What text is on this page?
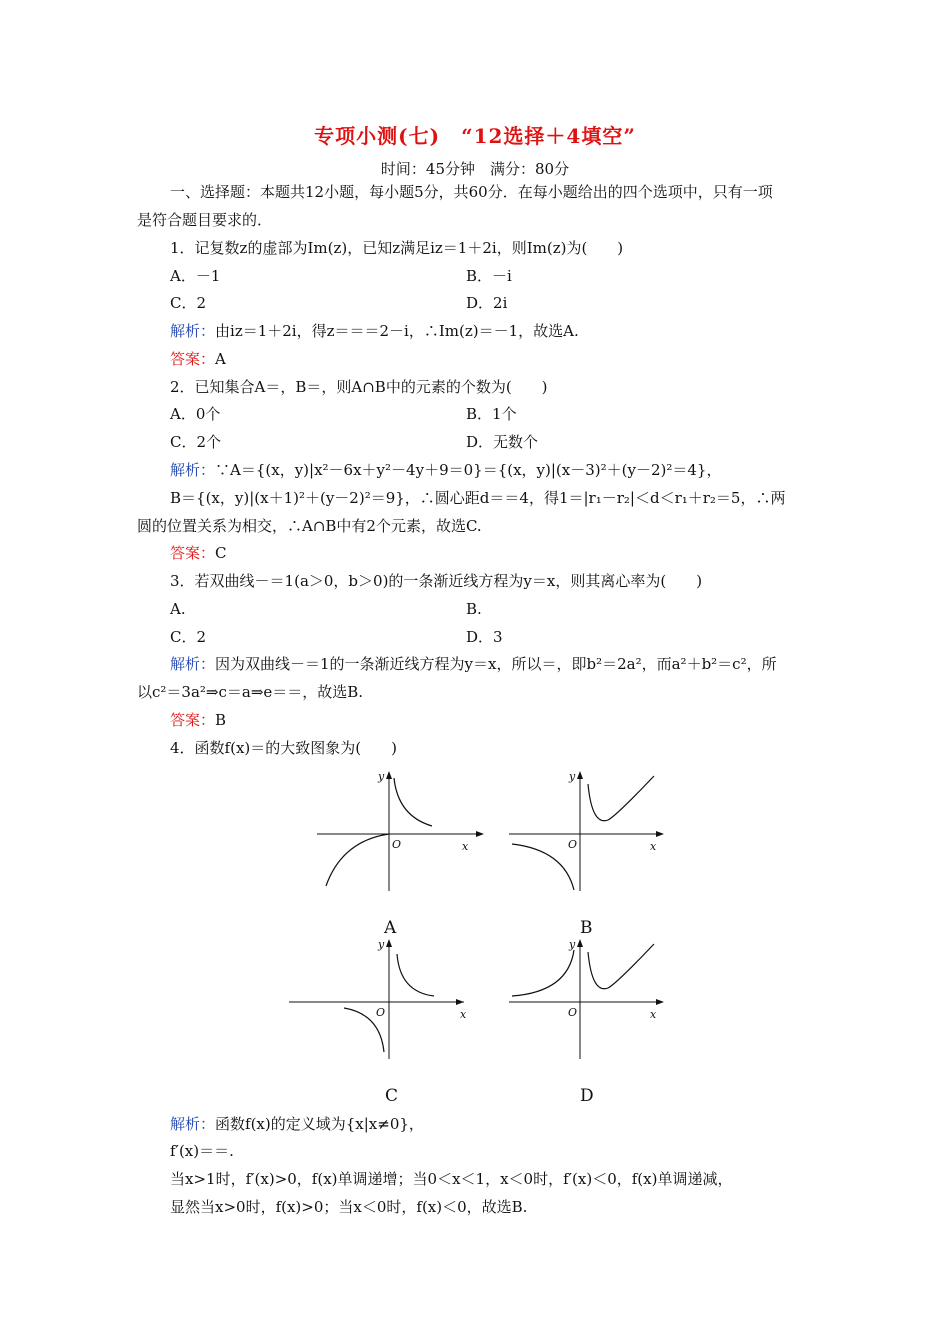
专项小测(七)　“12选择＋4填空”
时间：45分钟　满分：80分
一、选择题：本题共12小题，每小题5分，共60分．在每小题给出的四个选项中，只有一项
是符合题目要求的．
1．记复数z的虚部为Im(z)，已知z满足iz＝1＋2i，则Im(z)为(　　)
A．－1	B．－i
C．2	D．2i
解析：由iz＝1＋2i，得z＝＝＝2－i，∴Im(z)＝－1，故选A.
答案：A
2．已知集合A＝，B＝，则A∩B中的元素的个数为(　　)
A．0个	B．1个
C．2个	D．无数个
解析：∵A＝{(x，y)|x²－6x＋y²－4y＋9＝0}＝{(x，y)|(x－3)²＋(y－2)²＝4}，
B＝{(x，y)|(x＋1)²＋(y－2)²＝9}，∴圆心距d＝＝4，得1＝|r₁－r₂|＜d＜r₁＋r₂＝5，∴两
圆的位置关系为相交，∴A∩B中有2个元素，故选C.
答案：C
3．若双曲线－＝1(a＞0，b＞0)的一条渐近线方程为y＝x，则其离心率为(　　)
A.	B.
C．2	D．3
解析：因为双曲线－＝1的一条渐近线方程为y＝x，所以＝，即b²＝2a²，而a²＋b²＝c²，所
以c²＝3a²⇒c＝a⇒e＝＝，故选B.
答案：B
4．函数f(x)＝的大致图象为(　　)
y
x
O
A
y
x
O
B
y
x
O
C
y
x
O
D
解析：函数f(x)的定义域为{x|x≠0}，
f′(x)＝＝.
当x>1时，f′(x)>0，f(x)单调递增；当0＜x＜1，x＜0时，f′(x)＜0，f(x)单调递减，
显然当x>0时，f(x)>0；当x＜0时，f(x)＜0，故选B.
